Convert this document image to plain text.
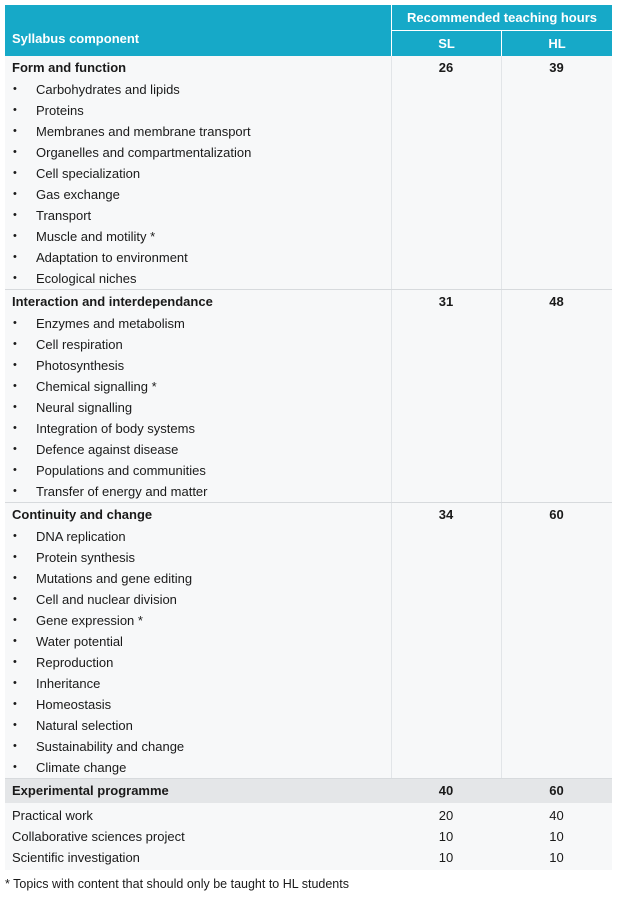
Syllabus component
Recommended teaching hours
SL	HL
Form and function	26	39
• Carbohydrates and lipids
• Proteins
• Membranes and membrane transport
• Organelles and compartmentalization
• Cell specialization
• Gas exchange
• Transport
• Muscle and motility *
• Adaptation to environment
• Ecological niches
Interaction and interdependance	31	48
• Enzymes and metabolism
• Cell respiration
• Photosynthesis
• Chemical signalling *
• Neural signalling
• Integration of body systems
• Defence against disease
• Populations and communities
• Transfer of energy and matter
Continuity and change	34	60
• DNA replication
• Protein synthesis
• Mutations and gene editing
• Cell and nuclear division
• Gene expression *
• Water potential
• Reproduction
• Inheritance
• Homeostasis
• Natural selection
• Sustainability and change
• Climate change
Experimental programme	40	60
Practical work	20	40
Collaborative sciences project	10	10
Scientific investigation	10	10
* Topics with content that should only be taught to HL students
